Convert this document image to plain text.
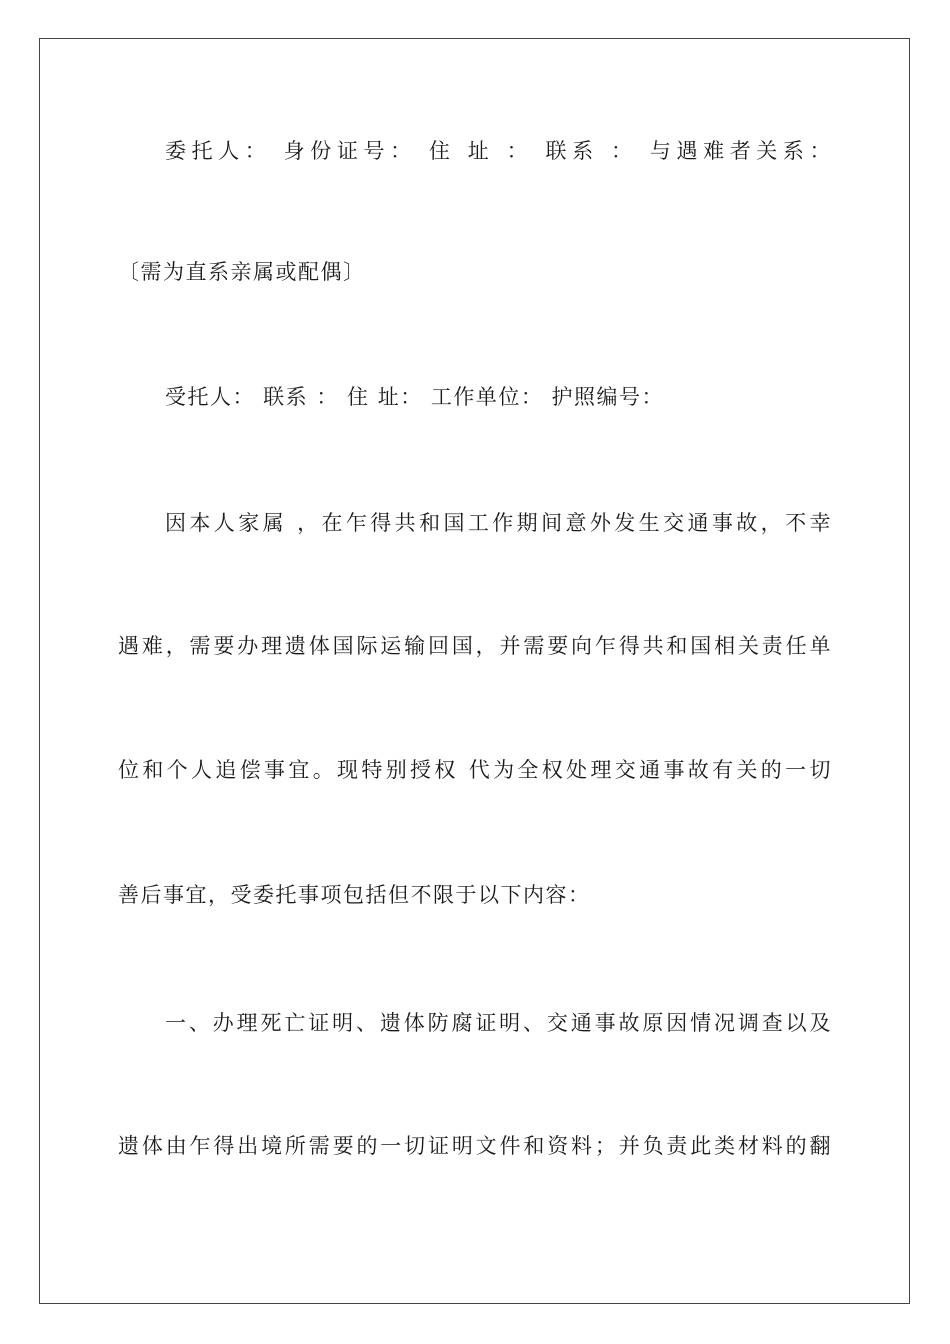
委托人： 身份证号： 住 址 ： 联系 ： 与遇难者关系：
〔需为直系亲属或配偶〕
受托人： 联系 ： 住 址： 工作单位： 护照编号：
因本人家属 ，在乍得共和国工作期间意外发生交通事故，不幸
遇难，需要办理遗体国际运输回国，并需要向乍得共和国相关责任单
位和个人追偿事宜。现特别授权 代为全权处理交通事故有关的一切
善后事宜，受委托事项包括但不限于以下内容：
一、办理死亡证明、遗体防腐证明、交通事故原因情况调查以及
遗体由乍得出境所需要的一切证明文件和资料；并负责此类材料的翻
